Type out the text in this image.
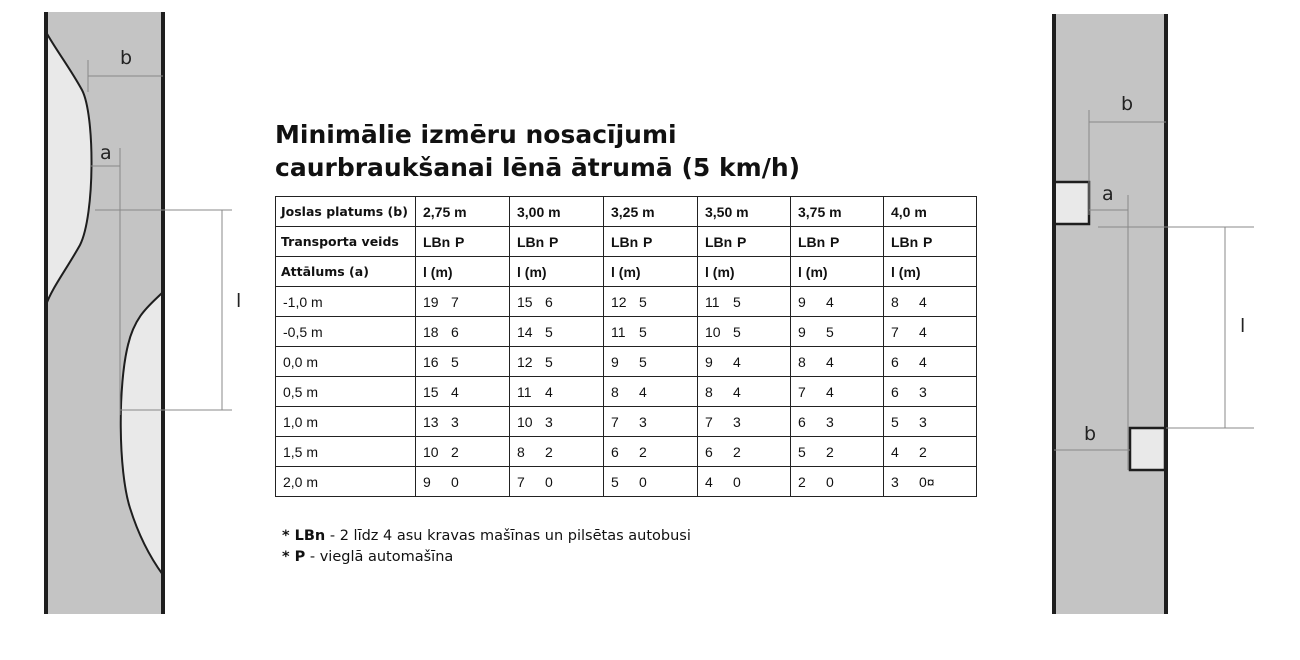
b
a
l
b
a
l
b
Minimālie izmēru nosacījumi
caurbraukšanai lēnā ātrumā (5 km/h)
Joslas platums (b)	2,75 m	3,00 m	3,25 m	3,50 m	3,75 m	4,0 m
Transporta veids	LBn P	LBn P	LBn P	LBn P	LBn P	LBn P
Attālums (a)	l (m)	l (m)	l (m)	l (m)	l (m)	l (m)
-1,0 m	19 7	15 6	12 5	11 5	9 4	8 4
-0,5 m	18 6	14 5	11 5	10 5	9 5	7 4
0,0 m	16 5	12 5	9 5	9 4	8 4	6 4
0,5 m	15 4	11 4	8 4	8 4	7 4	6 3
1,0 m	13 3	10 3	7 3	7 3	6 3	5 3
1,5 m	10 2	8 2	6 2	6 2	5 2	4 2
2,0 m	9 0	7 0	5 0	4 0	2 0	3 0¤
* LBn - 2 līdz 4 asu kravas mašīnas un pilsētas autobusi
* P - vieglā automašīna
